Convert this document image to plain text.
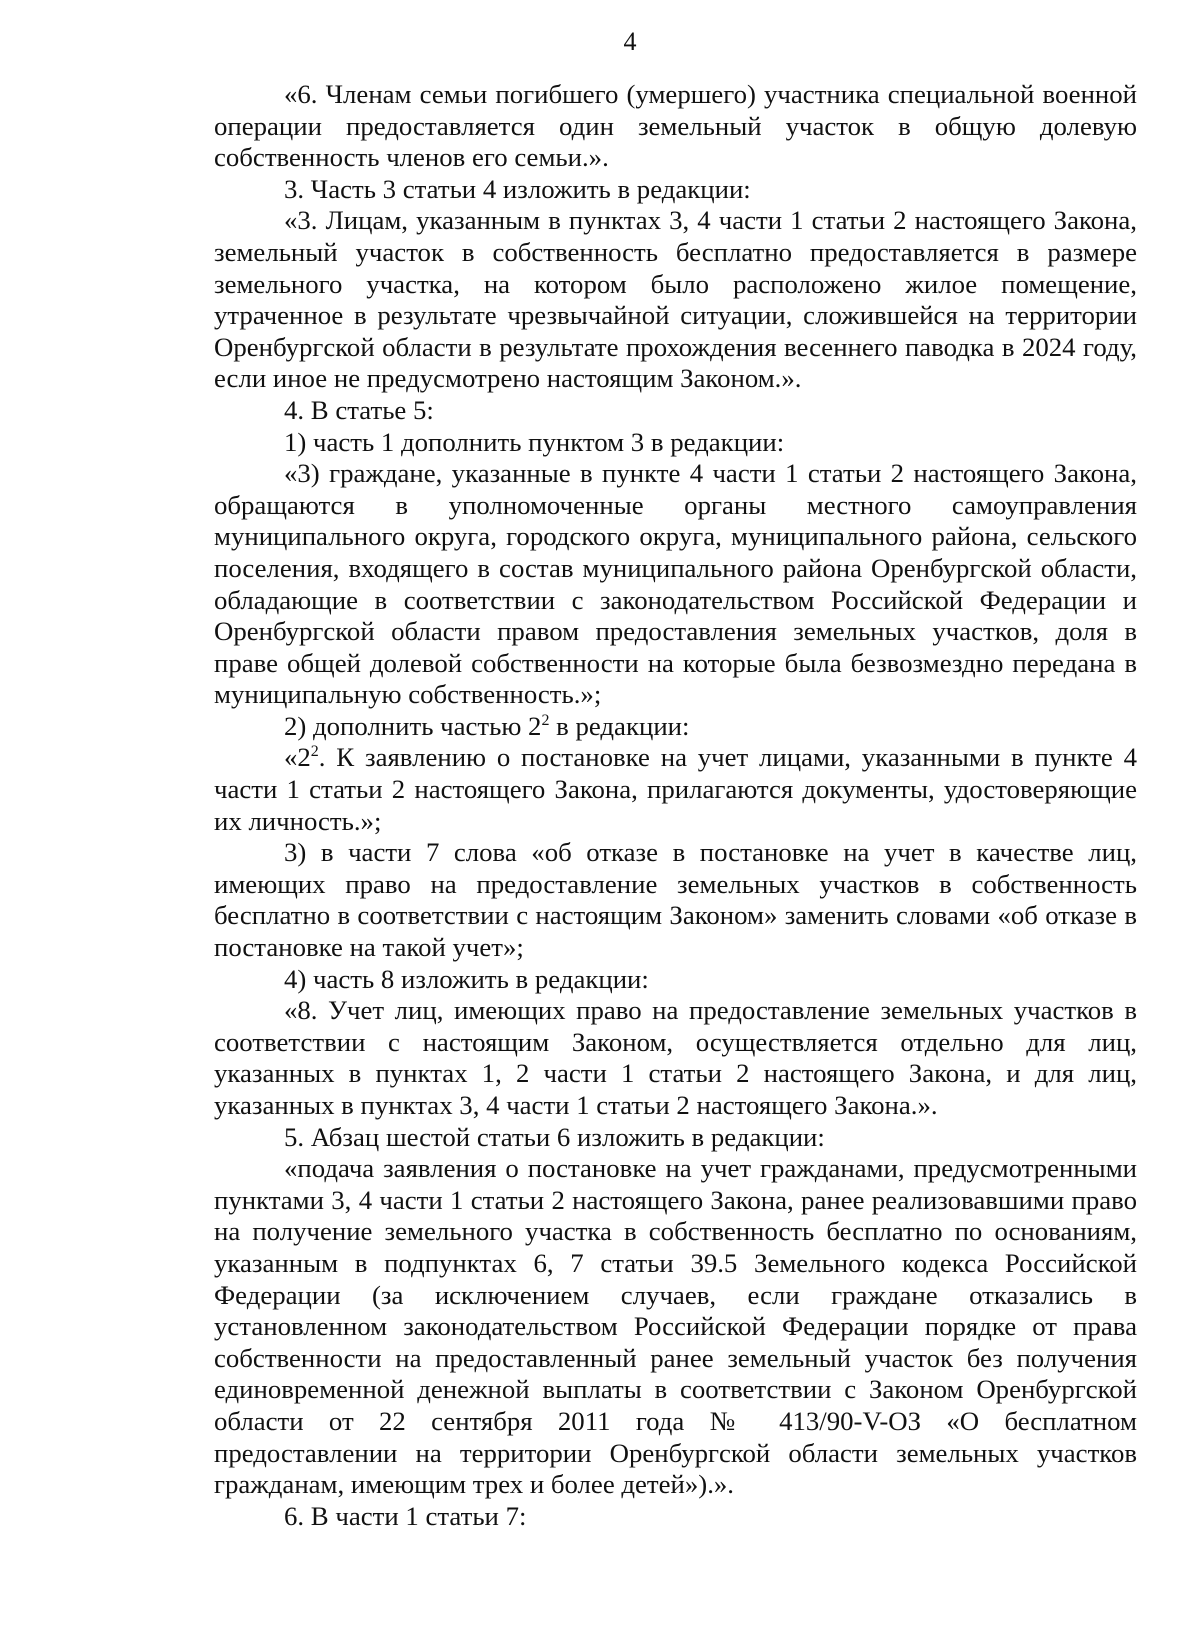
4

«6. Членам семьи погибшего (умершего) участника специальной военной операции предоставляется один земельный участок в общую долевую собственность членов его семьи.».

3. Часть 3 статьи 4 изложить в редакции:

«3. Лицам, указанным в пунктах 3, 4 части 1 статьи 2 настоящего Закона, земельный участок в собственность бесплатно предоставляется в размере земельного участка, на котором было расположено жилое помещение, утраченное в результате чрезвычайной ситуации, сложившейся на территории Оренбургской области в результате прохождения весеннего паводка в 2024 году, если иное не предусмотрено настоящим Законом.».

4. В статье 5:

1) часть 1 дополнить пунктом 3 в редакции:

«3) граждане, указанные в пункте 4 части 1 статьи 2 настоящего Закона, обращаются в уполномоченные органы местного самоуправления муниципального округа, городского округа, муниципального района, сельского поселения, входящего в состав муниципального района Оренбургской области, обладающие в соответствии с законодательством Российской Федерации и Оренбургской области правом предоставления земельных участков, доля в праве общей долевой собственности на которые была безвозмездно передана в муниципальную собственность.»;

2) дополнить частью $2^2$ в редакции:

«$2^2$. К заявлению о постановке на учет лицами, указанными в пункте 4 части 1 статьи 2 настоящего Закона, прилагаются документы, удостоверяющие их личность.»;

3) в части 7 слова «об отказе в постановке на учет в качестве лиц, имеющих право на предоставление земельных участков в собственность бесплатно в соответствии с настоящим Законом» заменить словами «об отказе в постановке на такой учет»;

4) часть 8 изложить в редакции:

«8. Учет лиц, имеющих право на предоставление земельных участков в соответствии с настоящим Законом, осуществляется отдельно для лиц, указанных в пунктах 1, 2 части 1 статьи 2 настоящего Закона, и для лиц, указанных в пунктах 3, 4 части 1 статьи 2 настоящего Закона.».

5. Абзац шестой статьи 6 изложить в редакции:

«подача заявления о постановке на учет гражданами, предусмотренными пунктами 3, 4 части 1 статьи 2 настоящего Закона, ранее реализовавшими право на получение земельного участка в собственность бесплатно по основаниям, указанным в подпунктах 6, 7 статьи 39.5 Земельного кодекса Российской Федерации (за исключением случаев, если граждане отказались в установленном законодательством Российской Федерации порядке от права собственности на предоставленный ранее земельный участок без получения единовременной денежной выплаты в соответствии с Законом Оренбургской области от 22 сентября 2011 года № 413/90-V-ОЗ «О бесплатном предоставлении на территории Оренбургской области земельных участков гражданам, имеющим трех и более детей»).».

6. В части 1 статьи 7:
